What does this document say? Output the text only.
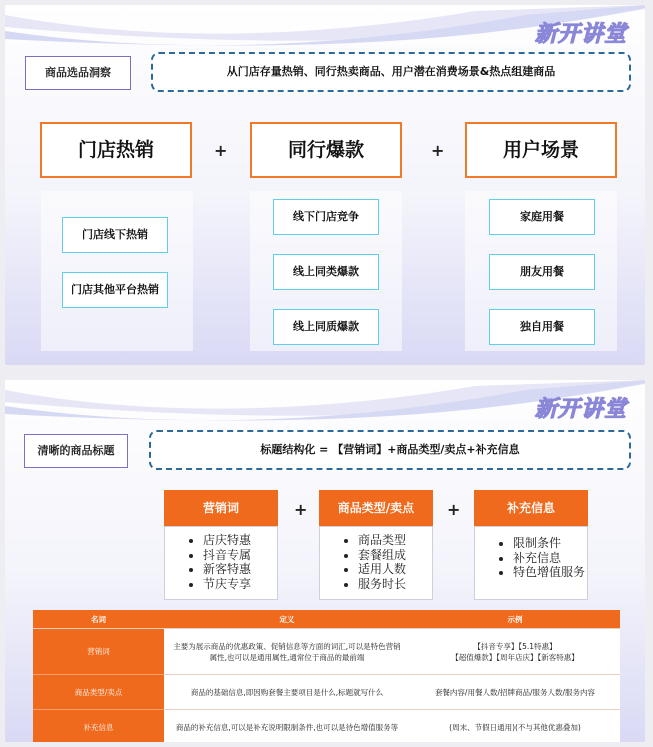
新开讲堂
商品选品洞察	从门店存量热销、同行热卖商品、用户潜在消费场景&热点组建商品
门店热销	+	同行爆款	+	用户场景
门店线下热销
门店其他平台热销
线下门店竞争
线上同类爆款
线上同质爆款
家庭用餐
朋友用餐
独自用餐
新开讲堂
清晰的商品标题	标题结构化 = 【营销词】+商品类型/卖点+补充信息
营销词
• 店庆特惠
• 抖音专属
• 新客特惠
• 节庆专享
+	商品类型/卖点
• 商品类型
• 套餐组成
• 适用人数
• 服务时长
+	补充信息
• 限制条件
• 补充信息
• 特色增值服务
名词	定义	示例
营销词	主要为展示商品的优惠政策、促销信息等方面的词汇,可以是特色营销属性,也可以是通用属性,通常位于商品的最前端	【抖音专享】【5.1特惠】
【超值爆款】【周年店庆】【新客特惠】

商品类型/卖点	商品的基础信息,即因购套餐主要项目是什么,标题就写什么	套餐内容/用餐人数/招牌商品/服务人数/服务内容
补充信息	商品的补充信息,可以是补充说明限制条件,也可以是待色增值服务等	(周末、节假日通用)(不与其他优惠叠加)
